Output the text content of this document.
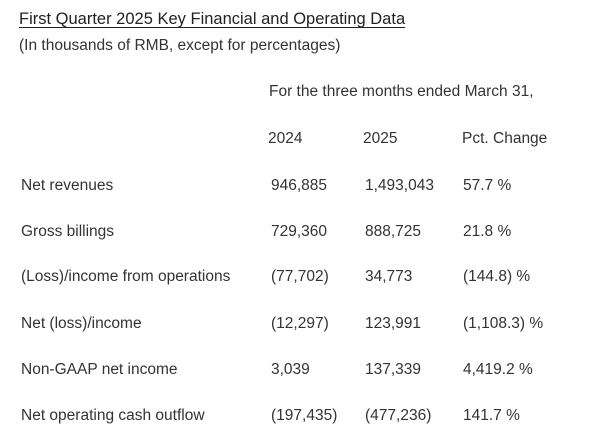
First Quarter 2025 Key Financial and Operating Data
(In thousands of RMB, except for percentages)
For the three months ended March 31,
2024	2025	Pct. Change
Net revenues	946,885 1,493,043 57.7 %
Gross billings	729,360 888,725	21.8 %
(Loss)/income from operations	(77,702) 34,773	(144.8) %
Net (loss)/income	(12,297) 123,991	(1,108.3) %
Non-GAAP net income	3,039	137,339	4,419.2 %
Net operating cash outflow	(197,435) (477,236) 141.7 %
